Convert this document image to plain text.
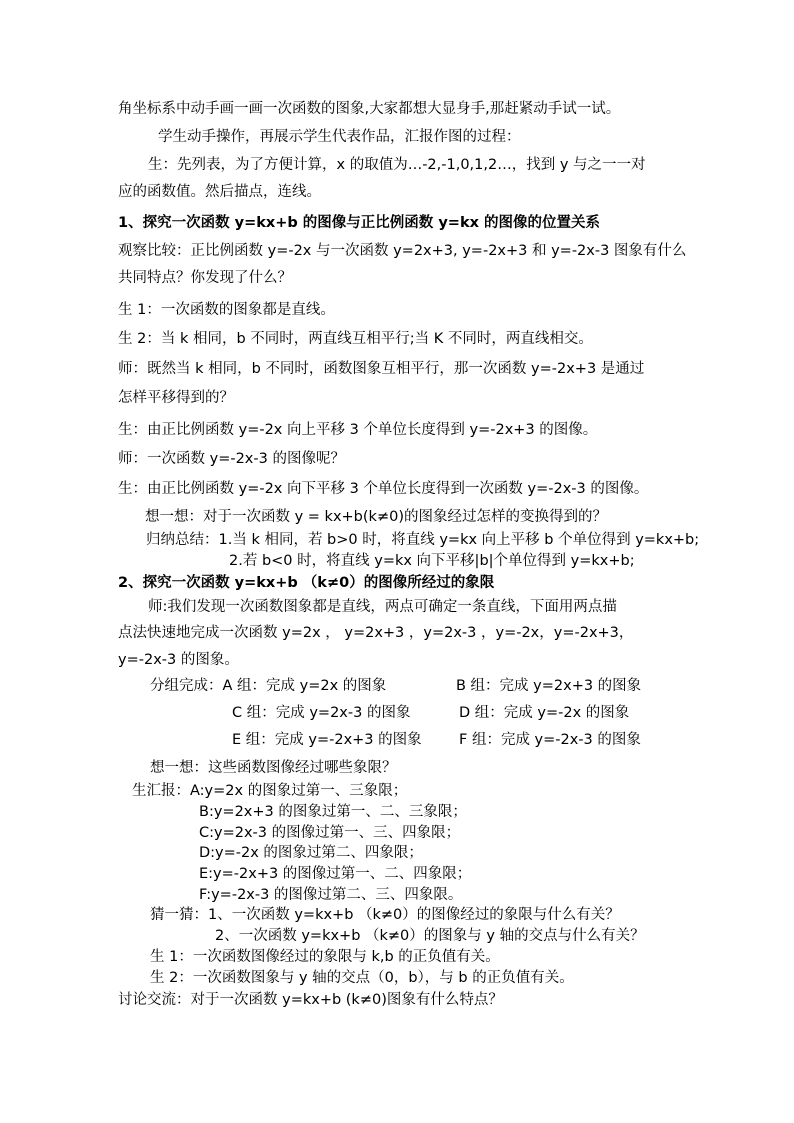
角坐标系中动手画一画一次函数的图象,大家都想大显身手,那赶紧动手试一试。
学生动手操作，再展示学生代表作品，汇报作图的过程：
生：先列表，为了方便计算，x 的取值为…-2,-1,0,1,2…，找到 y 与之一一对
应的函数值。然后描点，连线。
1、探究一次函数 y=kx+b 的图像与正比例函数 y=kx 的图像的位置关系
观察比较：正比例函数 y=-2x 与一次函数 y=2x+3, y=-2x+3 和 y=-2x-3 图象有什么
共同特点？你发现了什么？
生 1：一次函数的图象都是直线。
生 2：当 k 相同，b 不同时，两直线互相平行;当 K 不同时，两直线相交。
师：既然当 k 相同，b 不同时，函数图象互相平行，那一次函数 y=-2x+3 是通过
怎样平移得到的？
生：由正比例函数 y=-2x 向上平移 3 个单位长度得到 y=-2x+3 的图像。
师：一次函数 y=-2x-3 的图像呢？
生：由正比例函数 y=-2x 向下平移 3 个单位长度得到一次函数 y=-2x-3 的图像。
想一想：对于一次函数 y = kx+b(k≠0)的图象经过怎样的变换得到的？
归纳总结：1.当 k 相同，若 b>0 时，将直线 y=kx 向上平移 b 个单位得到 y=kx+b;
2.若 b<0 时，将直线 y=kx 向下平移|b|个单位得到 y=kx+b;
2、探究一次函数 y=kx+b （k≠0）的图像所经过的象限
师:我们发现一次函数图象都是直线，两点可确定一条直线，下面用两点描
点法快速地完成一次函数 y=2x ， y=2x+3 ，y=2x-3 ，y=-2x，y=-2x+3，
y=-2x-3 的图象。
分组完成：A 组：完成 y=2x 的图象	B 组：完成 y=2x+3 的图象
C 组：完成 y=2x-3 的图象	D 组：完成 y=-2x 的图象
E 组：完成 y=-2x+3 的图象	F 组：完成 y=-2x-3 的图象
想一想：这些函数图像经过哪些象限？
生汇报：A:y=2x 的图象过第一、三象限；
B:y=2x+3 的图象过第一、二、三象限；
C:y=2x-3 的图像过第一、三、四象限；
D:y=-2x 的图象过第二、四象限；
E:y=-2x+3 的图像过第一、二、四象限；
F:y=-2x-3 的图像过第二、三、四象限。
猜一猜：1、一次函数 y=kx+b （k≠0）的图像经过的象限与什么有关？
2、一次函数 y=kx+b （k≠0）的图象与 y 轴的交点与什么有关？
生 1：一次函数图像经过的象限与 k,b 的正负值有关。
生 2：一次函数图象与 y 轴的交点（0，b），与 b 的正负值有关。
讨论交流：对于一次函数 y=kx+b (k≠0)图象有什么特点？
